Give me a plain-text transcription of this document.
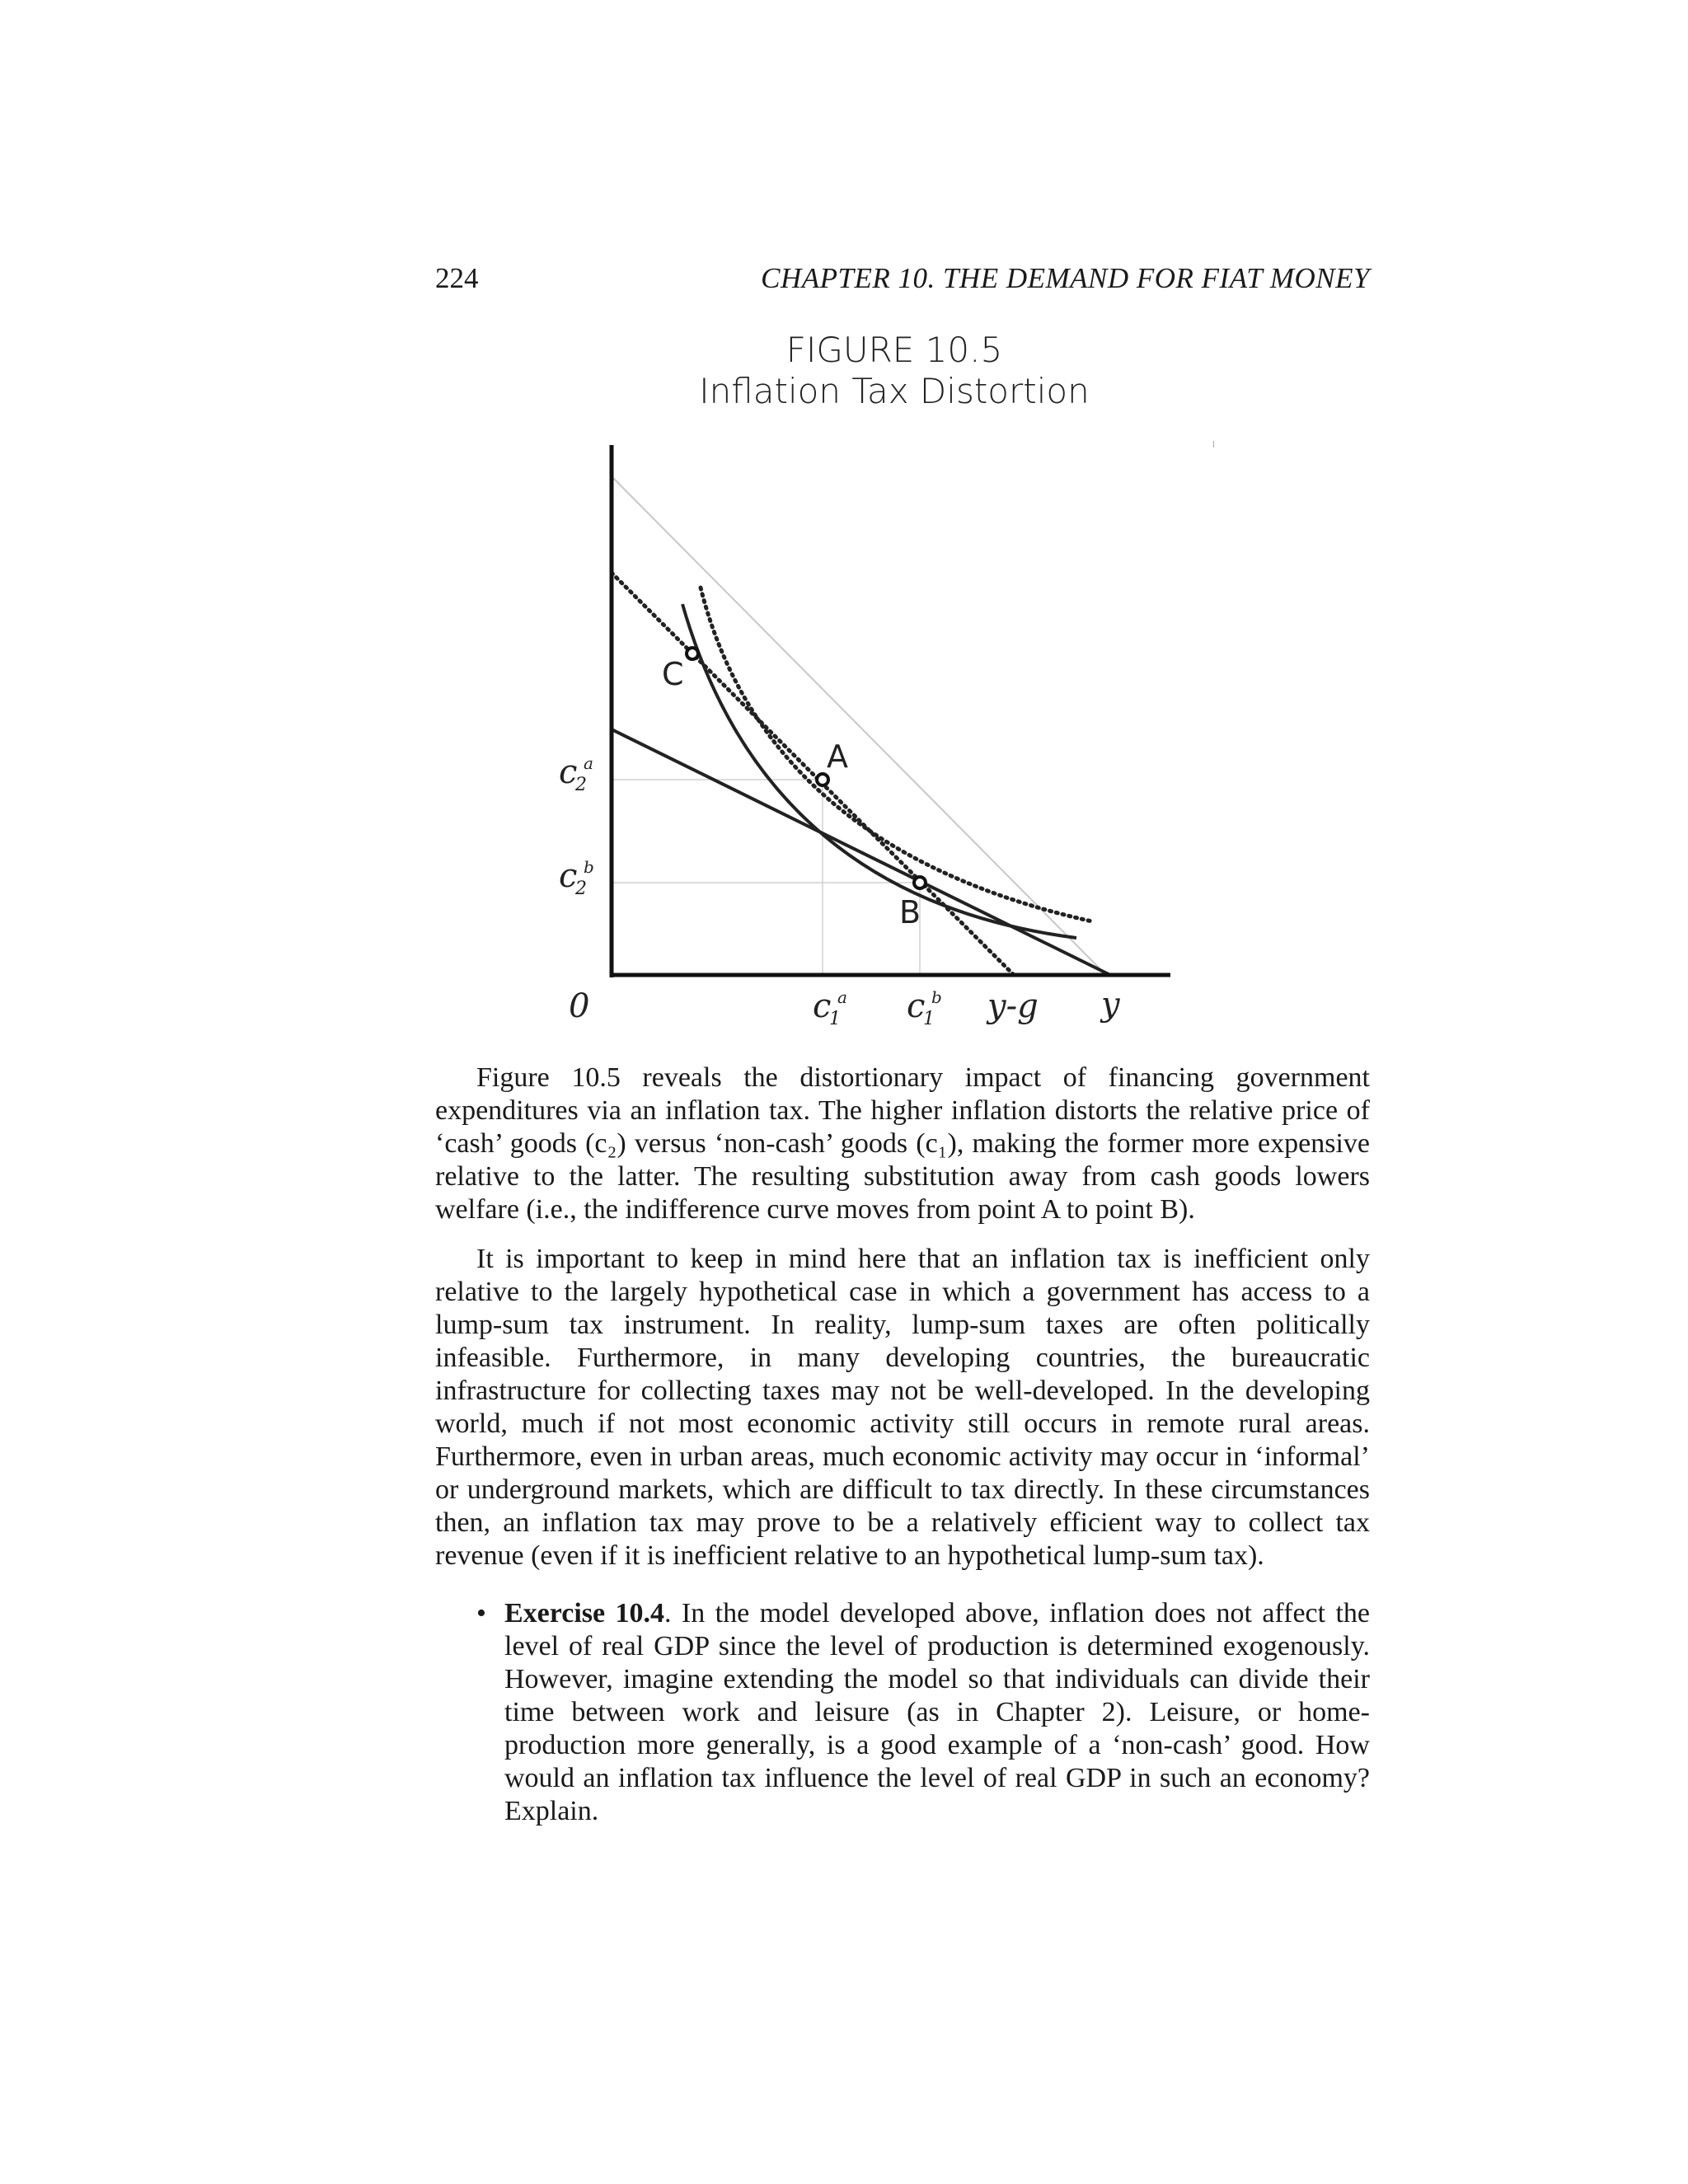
224	CHAPTER 10. THE DEMAND FOR FIAT MONEY
FIGURE 10.5
Inflation Tax Distortion
C
A
B
c
2
a
c
2
b
0	c
1
a c
1
b y-g y

Figure 10.5 reveals the distortionary impact of financing government expenditures via an inflation tax. The higher inflation distorts the relative price of ‘cash’ goods (c₂) versus ‘non-cash’ goods (c₁), making the former more expensive relative to the latter. The resulting substitution away from cash goods lowers welfare (i.e., the indifference curve moves from point A to point B).

It is important to keep in mind here that an inflation tax is inefficient only relative to the largely hypothetical case in which a government has access to a lump-sum tax instrument. In reality, lump-sum taxes are often politically infeasible. Furthermore, in many developing countries, the bureaucratic infrastructure for collecting taxes may not be well-developed. In the developing world, much if not most economic activity still occurs in remote rural areas. Furthermore, even in urban areas, much economic activity may occur in ‘informal’ or underground markets, which are difficult to tax directly. In these circumstances then, an inflation tax may prove to be a relatively efficient way to collect tax revenue (even if it is inefficient relative to an hypothetical lump-sum tax).

• Exercise 10.4. In the model developed above, inflation does not affect the level of real GDP since the level of production is determined exogenously. However, imagine extending the model so that individuals can divide their time between work and leisure (as in Chapter 2). Leisure, or home-production more generally, is a good example of a ‘non-cash’ good. How would an inflation tax influence the level of real GDP in such an economy? Explain.
